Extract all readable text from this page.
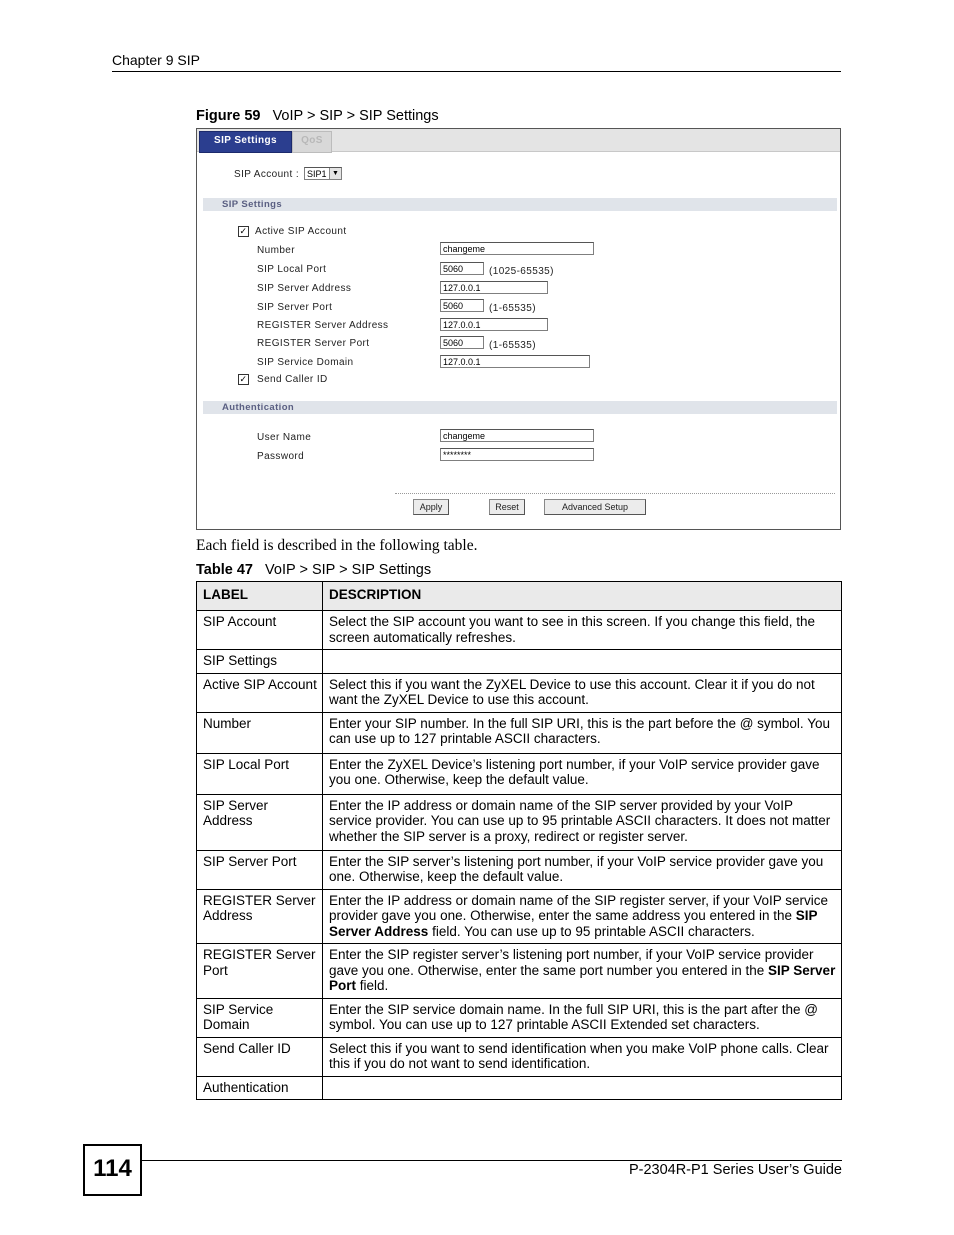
Chapter 9 SIP
Figure 59 VoIP > SIP > SIP Settings
SIP Settings	QoS
SIP Account : SIP1 ▼
SIP Settings
✓ Active SIP Account
Number	changeme
SIP Local Port	5060	(1025-65535)
SIP Server Address	127.0.0.1
SIP Server Port	5060	(1-65535)
REGISTER Server Address	127.0.0.1
REGISTER Server Port	5060	(1-65535)
SIP Service Domain	127.0.0.1
✓ Send Caller ID
Authentication
User Name	changeme
Password	********
Apply	Reset	Advanced Setup
Each field is described in the following table.
Table 47 VoIP > SIP > SIP Settings
LABEL	DESCRIPTION
SIP Account	Select the SIP account you want to see in this screen. If you change this field, the screen automatically refreshes.
SIP Settings	
Active SIP Account	Select this if you want the ZyXEL Device to use this account. Clear it if you do not want the ZyXEL Device to use this account.
Number	Enter your SIP number. In the full SIP URI, this is the part before the @ symbol. You can use up to 127 printable ASCII characters.
SIP Local Port	Enter the ZyXEL Device’s listening port number, if your VoIP service provider gave you one. Otherwise, keep the default value.
SIP Server Address	Enter the IP address or domain name of the SIP server provided by your VoIP service provider. You can use up to 95 printable ASCII characters. It does not matter whether the SIP server is a proxy, redirect or register server.
SIP Server Port	Enter the SIP server’s listening port number, if your VoIP service provider gave you one. Otherwise, keep the default value.
REGISTER Server Address	Enter the IP address or domain name of the SIP register server, if your VoIP service provider gave you one. Otherwise, enter the same address you entered in the SIP Server Address field. You can use up to 95 printable ASCII characters.
REGISTER Server Port	Enter the SIP register server’s listening port number, if your VoIP service provider gave you one. Otherwise, enter the same port number you entered in the SIP Server Port field.
SIP Service Domain	Enter the SIP service domain name. In the full SIP URI, this is the part after the @ symbol. You can use up to 127 printable ASCII Extended set characters.
Send Caller ID	Select this if you want to send identification when you make VoIP phone calls. Clear this if you do not want to send identification.
Authentication	
114	P-2304R-P1 Series User’s Guide
